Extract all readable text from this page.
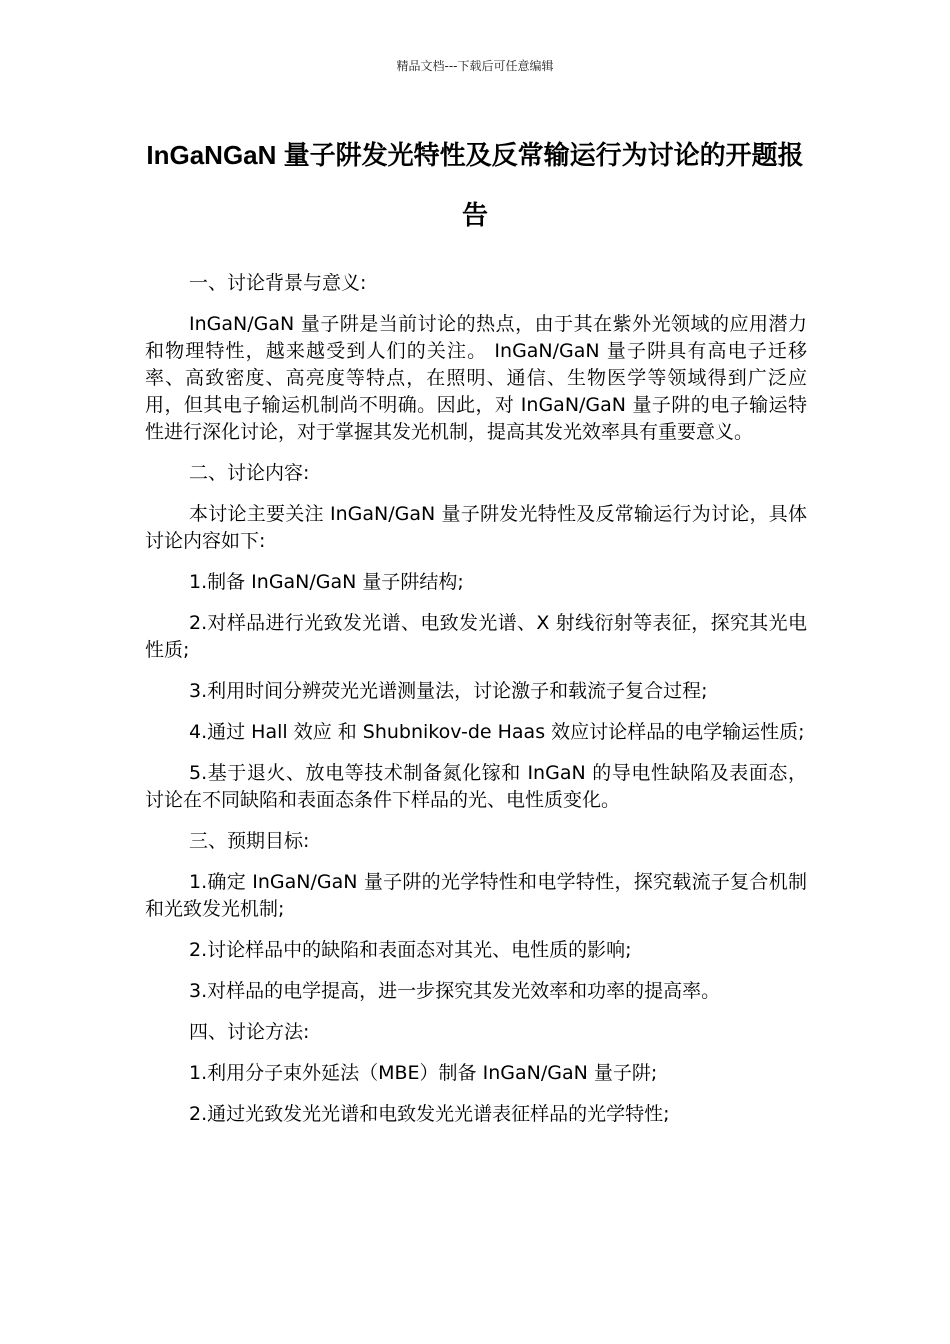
精品文档---下载后可任意编辑
InGaNGaN 量子阱发光特性及反常输运行为讨论的开题报告

一、讨论背景与意义:

InGaN/GaN 量子阱是当前讨论的热点，由于其在紫外光领域的应用潜力和物理特性，越来越受到人们的关注。 InGaN/GaN 量子阱具有高电子迁移率、高致密度、高亮度等特点，在照明、通信、生物医学等领域得到广泛应用，但其电子输运机制尚不明确。因此，对 InGaN/GaN 量子阱的电子输运特性进行深化讨论，对于掌握其发光机制，提高其发光效率具有重要意义。

二、讨论内容:

本讨论主要关注 InGaN/GaN 量子阱发光特性及反常输运行为讨论，具体讨论内容如下:

1.制备 InGaN/GaN 量子阱结构;

2.对样品进行光致发光谱、电致发光谱、X 射线衍射等表征，探究其光电性质;

3.利用时间分辨荧光光谱测量法，讨论激子和载流子复合过程;

4.通过 Hall 效应 和 Shubnikov-de Haas 效应讨论样品的电学输运性质;

5.基于退火、放电等技术制备氮化镓和 InGaN 的导电性缺陷及表面态，讨论在不同缺陷和表面态条件下样品的光、电性质变化。

三、预期目标:

1.确定 InGaN/GaN 量子阱的光学特性和电学特性，探究载流子复合机制和光致发光机制;

2.讨论样品中的缺陷和表面态对其光、电性质的影响;

3.对样品的电学提高，进一步探究其发光效率和功率的提高率。

四、讨论方法:

1.利用分子束外延法（MBE）制备 InGaN/GaN 量子阱;

2.通过光致发光光谱和电致发光光谱表征样品的光学特性;
